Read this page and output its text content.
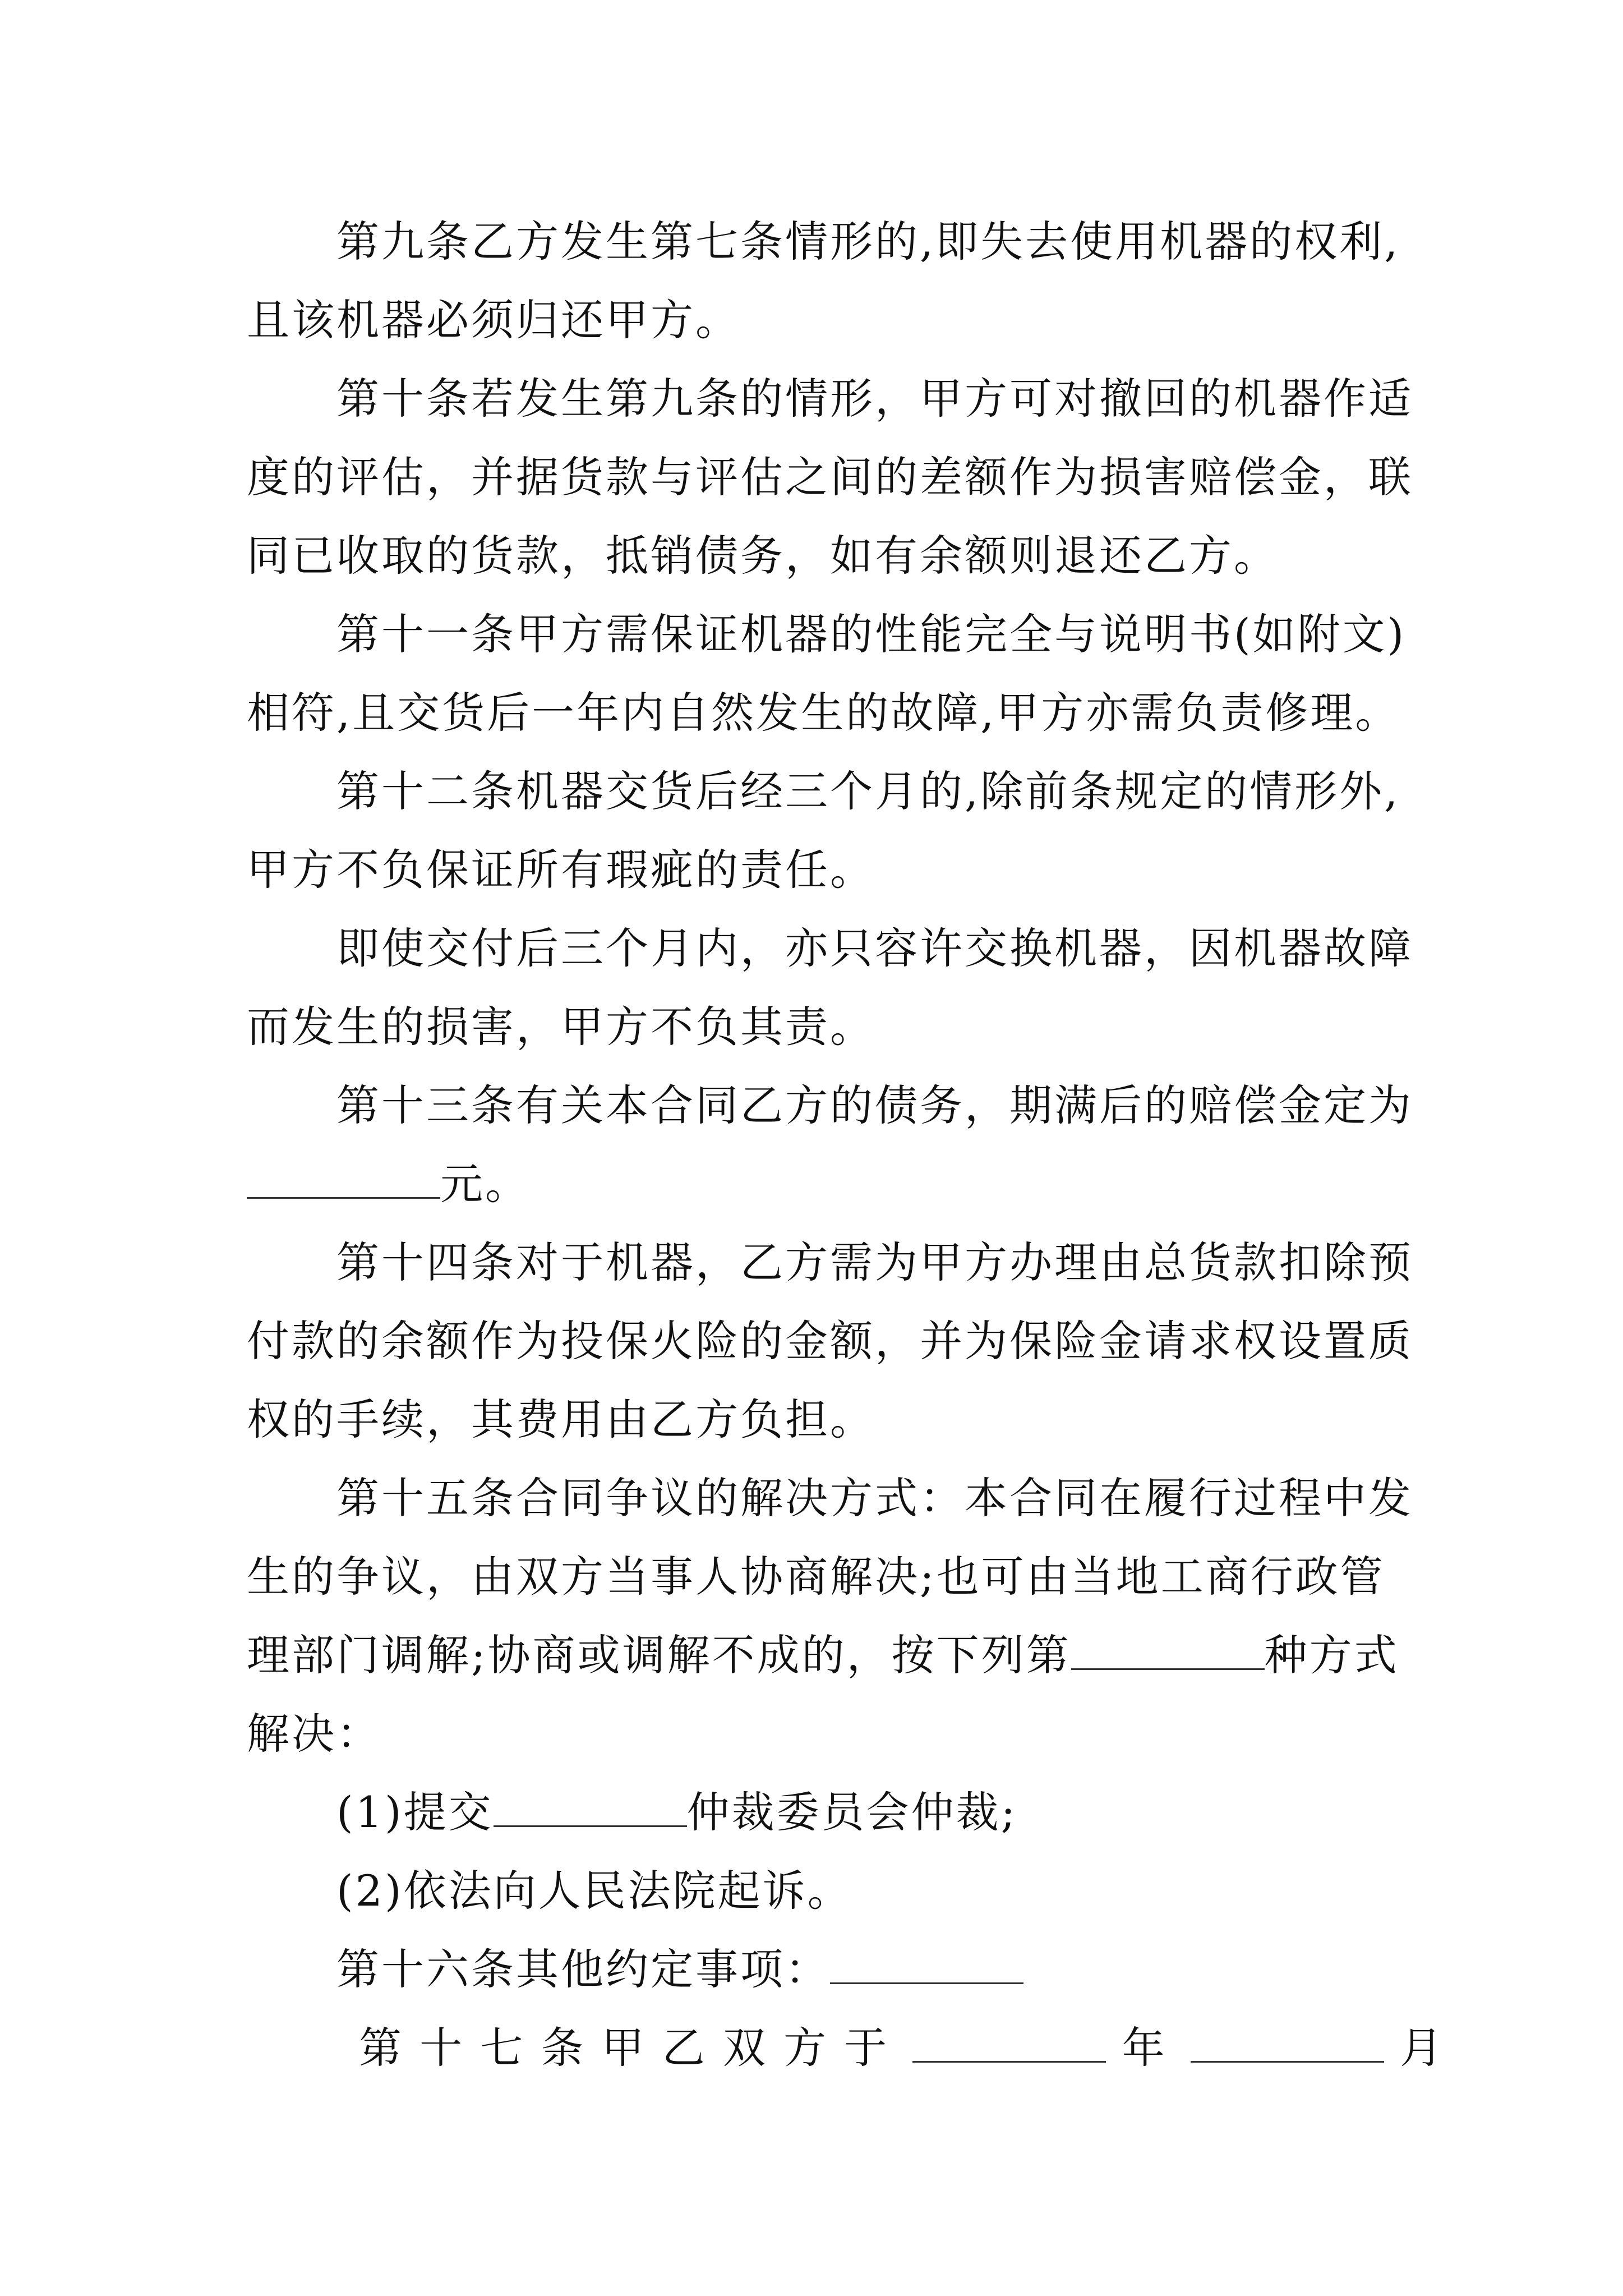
第九条乙方发生第七条情形的,即失去使用机器的权利,
且该机器必须归还甲方。
第十条若发生第九条的情形，甲方可对撤回的机器作适
度的评估，并据货款与评估之间的差额作为损害赔偿金，联
同已收取的货款，抵销债务，如有余额则退还乙方。
第十一条甲方需保证机器的性能完全与说明书(如附文)
相符,且交货后一年内自然发生的故障,甲方亦需负责修理。
第十二条机器交货后经三个月的,除前条规定的情形外,
甲方不负保证所有瑕疵的责任。
即使交付后三个月内，亦只容许交换机器，因机器故障
而发生的损害，甲方不负其责。
第十三条有关本合同乙方的债务，期满后的赔偿金定为
元。
第十四条对于机器，乙方需为甲方办理由总货款扣除预
付款的余额作为投保火险的金额，并为保险金请求权设置质
权的手续，其费用由乙方负担。
第十五条合同争议的解决方式：本合同在履行过程中发
生的争议，由双方当事人协商解决;也可由当地工商行政管
理部门调解;协商或调解不成的，按下列第	种方式
解决：
(1)提交	仲裁委员会仲裁;
(2)依法向人民法院起诉。
第十六条其他约定事项：
第 十 七 条 甲 乙 双 方 于	年	月
